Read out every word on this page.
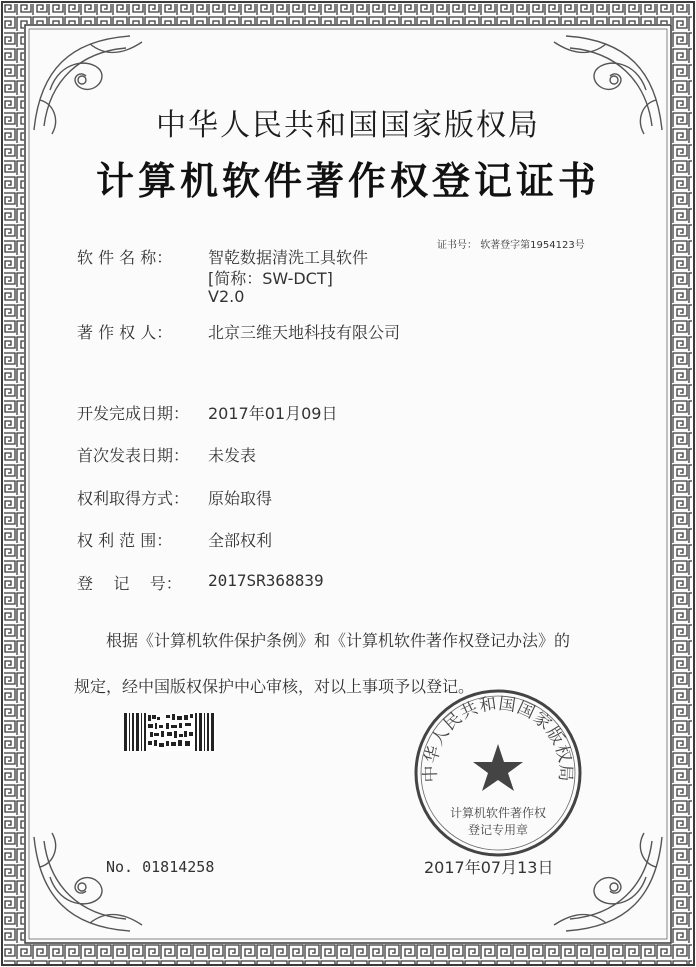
中华人民共和国国家版权局
计算机软件著作权登记证书
证书号： 软著登字第1954123号
软 件 名 称： 智乾数据清洗工具软件
[简称：SW-DCT]
V2.0
著 作 权 人： 北京三维天地科技有限公司
开发完成日期： 2017年01月09日
首次发表日期： 未发表
权利取得方式： 原始取得
权 利 范 围： 全部权利
登    记    号： 2017SR368839
根据《计算机软件保护条例》和《计算机软件著作权登记办法》的
规定，经中国版权保护中心审核，对以上事项予以登记。
No. 01814258
中华人民共和国国家版权局
计算机软件著作权
登记专用章
2017年07月13日
